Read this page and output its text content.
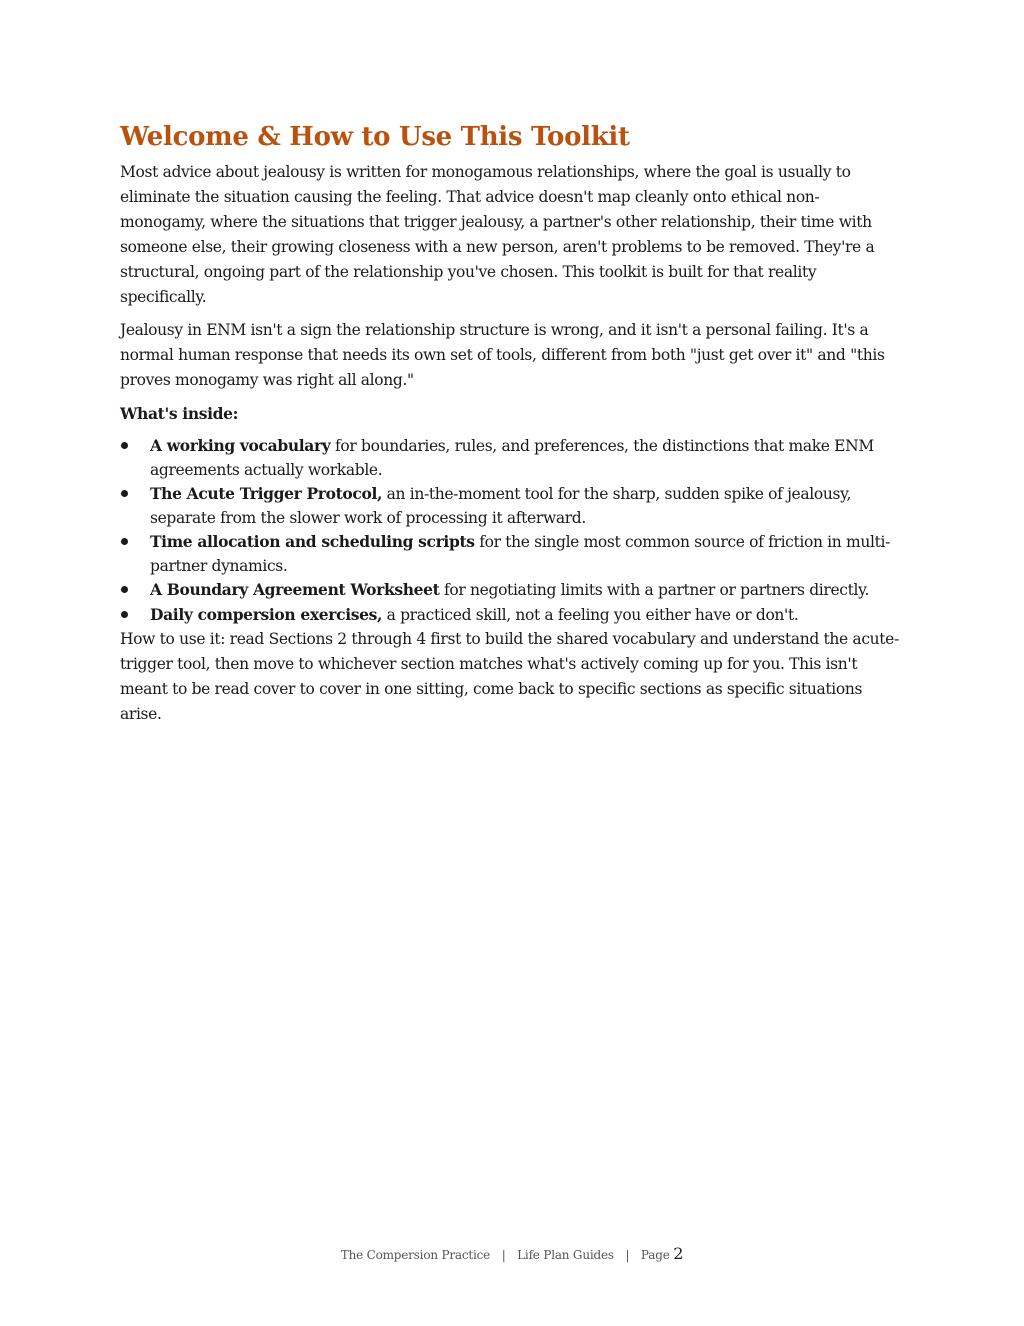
Welcome & How to Use This Toolkit

Most advice about jealousy is written for monogamous relationships, where the goal is usually to eliminate the situation causing the feeling. That advice doesn't map cleanly onto ethical non-monogamy, where the situations that trigger jealousy, a partner's other relationship, their time with someone else, their growing closeness with a new person, aren't problems to be removed. They're a structural, ongoing part of the relationship you've chosen. This toolkit is built for that reality specifically.

Jealousy in ENM isn't a sign the relationship structure is wrong, and it isn't a personal failing. It's a normal human response that needs its own set of tools, different from both "just get over it" and "this proves monogamy was right all along."

What's inside:

A working vocabulary for boundaries, rules, and preferences, the distinctions that make ENM agreements actually workable.
The Acute Trigger Protocol, an in-the-moment tool for the sharp, sudden spike of jealousy, separate from the slower work of processing it afterward.
Time allocation and scheduling scripts for the single most common source of friction in multi-partner dynamics.
A Boundary Agreement Worksheet for negotiating limits with a partner or partners directly.
Daily compersion exercises, a practiced skill, not a feeling you either have or don't.

How to use it: read Sections 2 through 4 first to build the shared vocabulary and understand the acute-trigger tool, then move to whichever section matches what's actively coming up for you. This isn't meant to be read cover to cover in one sitting, come back to specific sections as specific situations arise.

The Compersion Practice | Life Plan Guides | Page 2
